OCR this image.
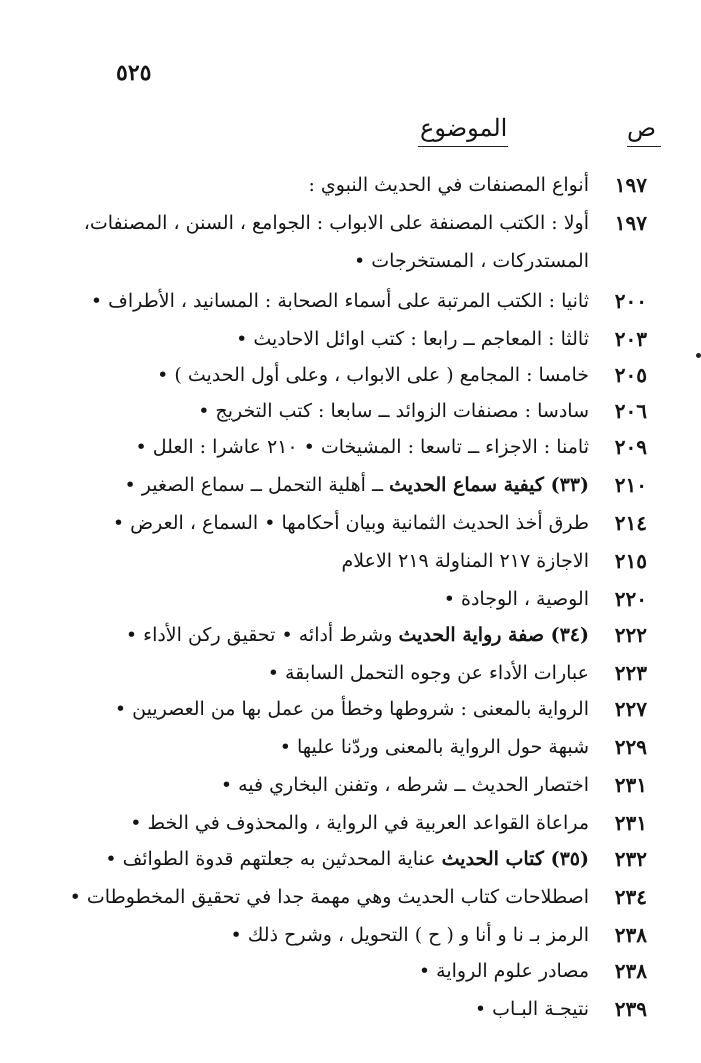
٥٢٥
ص
الموضوع
١٩٧
أنواع المصنفات في الحديث النبوي :
١٩٧
أولا : الكتب المصنفة على الابواب : الجوامع ، السنن ، المصنفات،
المستدركات ، المستخرجات •
٢٠٠
ثانيا : الكتب المرتبة على أسماء الصحابة : المسانيد ، الأطراف •
٢٠٣
ثالثا : المعاجم ــ رابعا : كتب اوائل الاحاديث •
٢٠٥
خامسا : المجامع ( على الابواب ، وعلى أول الحديث ) •
٢٠٦
سادسا : مصنفات الزوائد ــ سابعا : كتب التخريج •
٢٠٩
ثامنا : الاجزاء ــ تاسعا : المشيخات • ٢١٠ عاشرا : العلل •
٢١٠
(٣٣) كيفية سماع الحديث ــ أهلية التحمل ــ سماع الصغير •
٢١٤
طرق أخذ الحديث الثمانية وبيان أحكامها • السماع ، العرض •
٢١٥
الاجازة ٢١٧ المناولة ٢١٩ الاعلام
٢٢٠
الوصية ، الوجادة •
٢٢٢
(٣٤) صفة رواية الحديث وشرط أدائه • تحقيق ركن الأداء •
٢٢٣
عبارات الأداء عن وجوه التحمل السابقة •
٢٢٧
الرواية بالمعنى : شروطها وخطأ من عمل بها من العصريين •
٢٢٩
شبهة حول الرواية بالمعنى وردّنا عليها •
٢٣١
اختصار الحديث ــ شرطه ، وتفنن البخاري فيه •
٢٣١
مراعاة القواعد العربية في الرواية ، والمحذوف في الخط •
٢٣٢
(٣٥) كتاب الحديث عناية المحدثين به جعلتهم قدوة الطوائف •
٢٣٤
اصطلاحات كتاب الحديث وهي مهمة جدا في تحقيق المخطوطات •
٢٣٨
الرمز بـ نا و أنا و ( ح ) التحويل ، وشرح ذلك •
٢٣٨
مصادر علوم الرواية •
٢٣٩
نتيجـة البـاب •
